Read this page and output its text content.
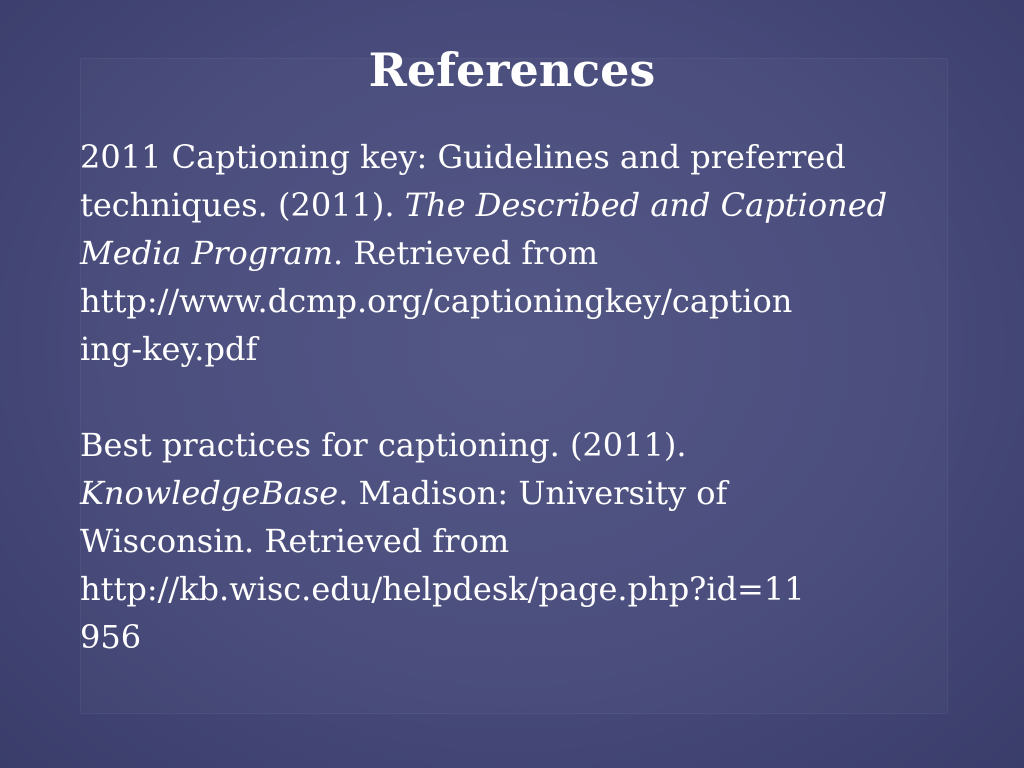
References
2011 Captioning key: Guidelines and preferred
techniques. (2011). The Described and Captioned
Media Program. Retrieved from
http://www.dcmp.org/captioningkey/caption
ing-key.pdf
Best practices for captioning. (2011).
KnowledgeBase. Madison: University of
Wisconsin. Retrieved from
http://kb.wisc.edu/helpdesk/page.php?id=11
956
